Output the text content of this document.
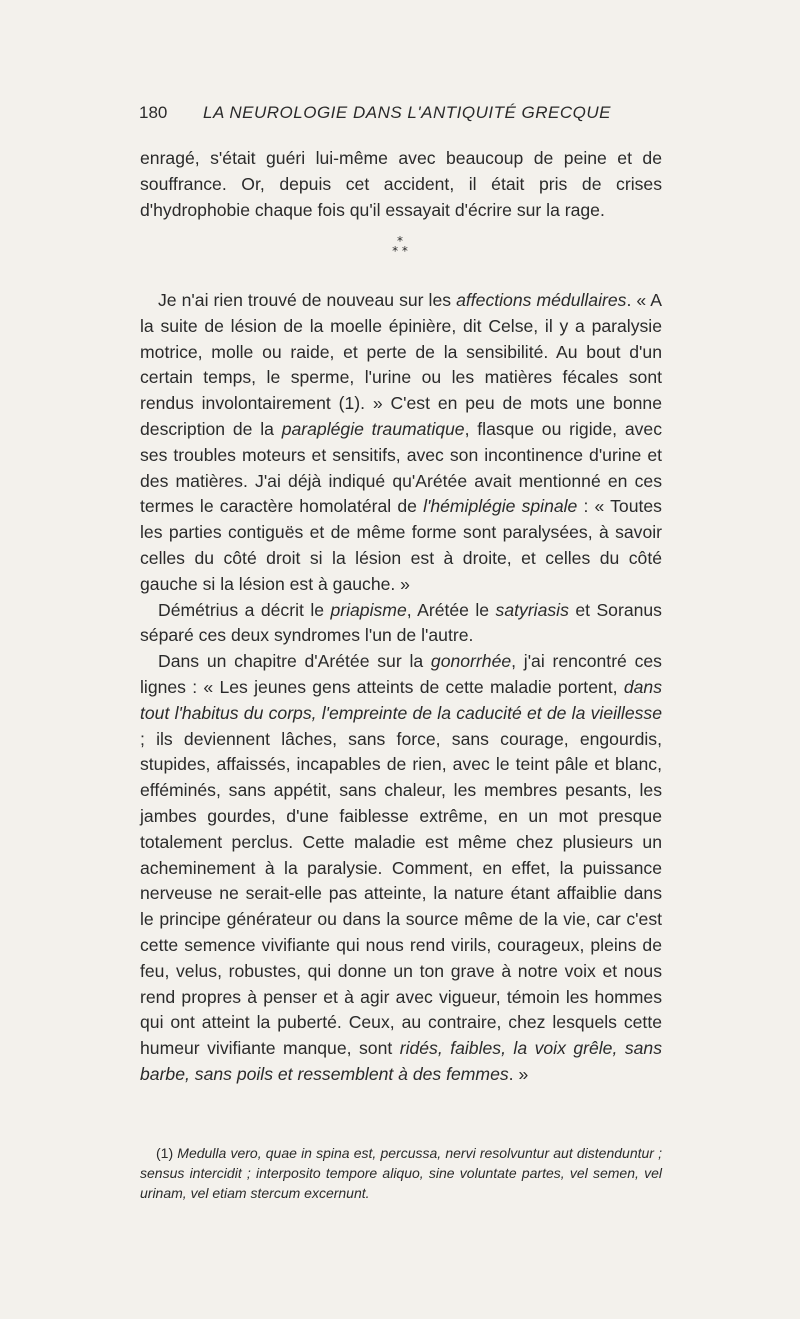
180 LA NEUROLOGIE DANS L'ANTIQUITÉ GRECQUE
enragé, s'était guéri lui-même avec beaucoup de peine et de souffrance. Or, depuis cet accident, il était pris de crises d'hydrophobie chaque fois qu'il essayait d'écrire sur la rage.
*
* *

Je n'ai rien trouvé de nouveau sur les affections médullaires. « A la suite de lésion de la moelle épinière, dit Celse, il y a paralysie motrice, molle ou raide, et perte de la sensibilité. Au bout d'un certain temps, le sperme, l'urine ou les matières fécales sont rendus involontairement (1). » C'est en peu de mots une bonne description de la paraplégie traumatique, flasque ou rigide, avec ses troubles moteurs et sensitifs, avec son incontinence d'urine et des matières. J'ai déjà indiqué qu'Arétée avait mentionné en ces termes le caractère homolatéral de l'hémiplégie spinale : « Toutes les parties contiguës et de même forme sont paralysées, à savoir celles du côté droit si la lésion est à droite, et celles du côté gauche si la lésion est à gauche. »

Démétrius a décrit le priapisme, Arétée le satyriasis et Soranus séparé ces deux syndromes l'un de l'autre.

Dans un chapitre d'Arétée sur la gonorrhée, j'ai rencontré ces lignes : « Les jeunes gens atteints de cette maladie portent, dans tout l'habitus du corps, l'empreinte de la caducité et de la vieillesse ; ils deviennent lâches, sans force, sans courage, engourdis, stupides, affaissés, incapables de rien, avec le teint pâle et blanc, efféminés, sans appétit, sans chaleur, les membres pesants, les jambes gourdes, d'une faiblesse extrême, en un mot presque totalement perclus. Cette maladie est même chez plusieurs un acheminement à la paralysie. Comment, en effet, la puissance nerveuse ne serait-elle pas atteinte, la nature étant affaiblie dans le principe générateur ou dans la source même de la vie, car c'est cette semence vivifiante qui nous rend virils, courageux, pleins de feu, velus, robustes, qui donne un ton grave à notre voix et nous rend propres à penser et à agir avec vigueur, témoin les hommes qui ont atteint la puberté. Ceux, au contraire, chez lesquels cette humeur vivifiante manque, sont ridés, faibles, la voix grêle, sans barbe, sans poils et ressemblent à des femmes. »

(1) Medulla vero, quae in spina est, percussa, nervi resolvuntur aut distenduntur ; sensus intercidit ; interposito tempore aliquo, sine voluntate partes, vel semen, vel urinam, vel etiam stercum excernunt.
